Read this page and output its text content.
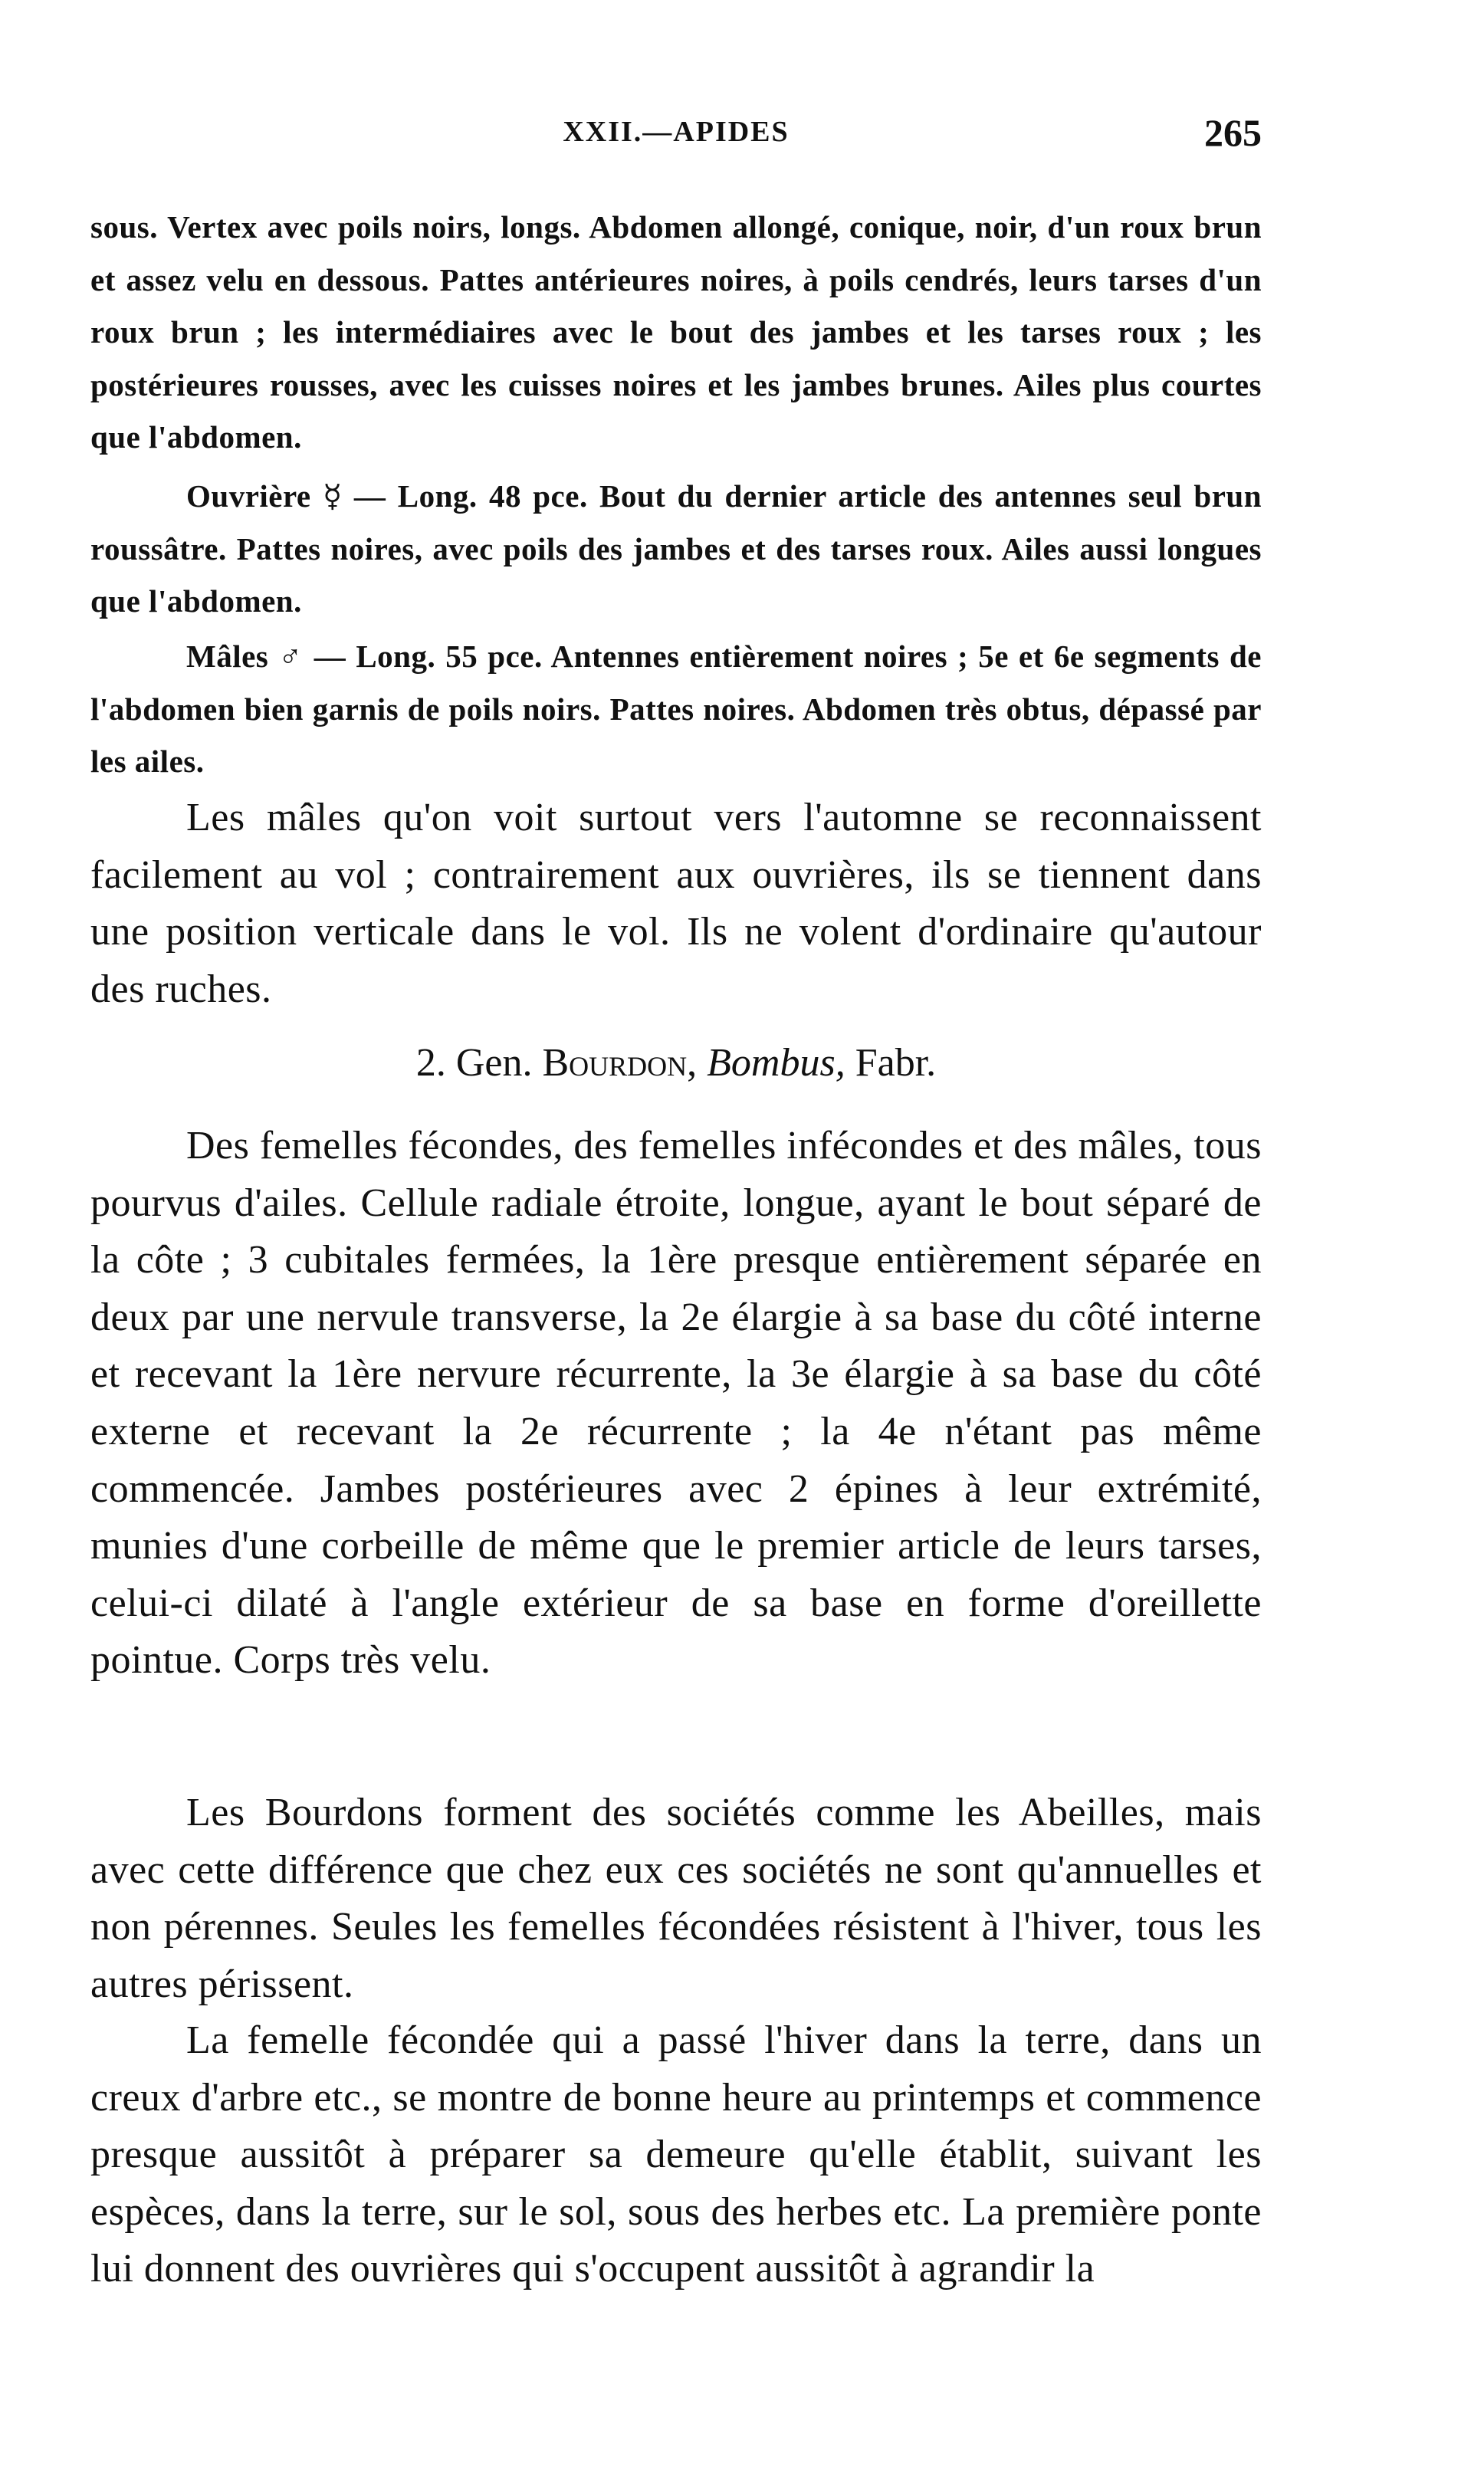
XXII.—APIDES	265

sous. Vertex avec poils noirs, longs. Abdomen allongé, conique, noir, d'un roux brun et assez velu en dessous. Pattes antérieures noires, à poils cendrés, leurs tarses d'un roux brun ; les intermédiaires avec le bout des jambes et les tarses roux ; les postérieures rousses, avec les cuisses noires et les jambes brunes. Ailes plus courtes que l'abdomen.

Ouvrière ☿ — Long. 48 pce. Bout du dernier article des antennes seul brun roussâtre. Pattes noires, avec poils des jambes et des tarses roux. Ailes aussi longues que l'abdomen.

Mâles ♂ — Long. 55 pce. Antennes entièrement noires ; 5e et 6e segments de l'abdomen bien garnis de poils noirs. Pattes noires. Abdomen très obtus, dépassé par les ailes.

Les mâles qu'on voit surtout vers l'automne se reconnaissent facilement au vol ; contrairement aux ouvrières, ils se tiennent dans une position verticale dans le vol. Ils ne volent d'ordinaire qu'autour des ruches.

2. Gen. Bourdon, Bombus, Fabr.

Des femelles fécondes, des femelles infécondes et des mâles, tous pourvus d'ailes. Cellule radiale étroite, longue, ayant le bout séparé de la côte ; 3 cubitales fermées, la 1ère presque entièrement séparée en deux par une nervule transverse, la 2e élargie à sa base du côté interne et recevant la 1ère nervure récurrente, la 3e élargie à sa base du côté externe et recevant la 2e récurrente ; la 4e n'étant pas même commencée. Jambes postérieures avec 2 épines à leur extrémité, munies d'une corbeille de même que le premier article de leurs tarses, celui-ci dilaté à l'angle extérieur de sa base en forme d'oreillette pointue. Corps très velu.

Les Bourdons forment des sociétés comme les Abeilles, mais avec cette différence que chez eux ces sociétés ne sont qu'annuelles et non pérennes. Seules les femelles fécondées résistent à l'hiver, tous les autres périssent.

La femelle fécondée qui a passé l'hiver dans la terre, dans un creux d'arbre etc., se montre de bonne heure au printemps et commence presque aussitôt à préparer sa demeure qu'elle établit, suivant les espèces, dans la terre, sur le sol, sous des herbes etc. La première ponte lui donnent des ouvrières qui s'occupent aussitôt à agrandir la
